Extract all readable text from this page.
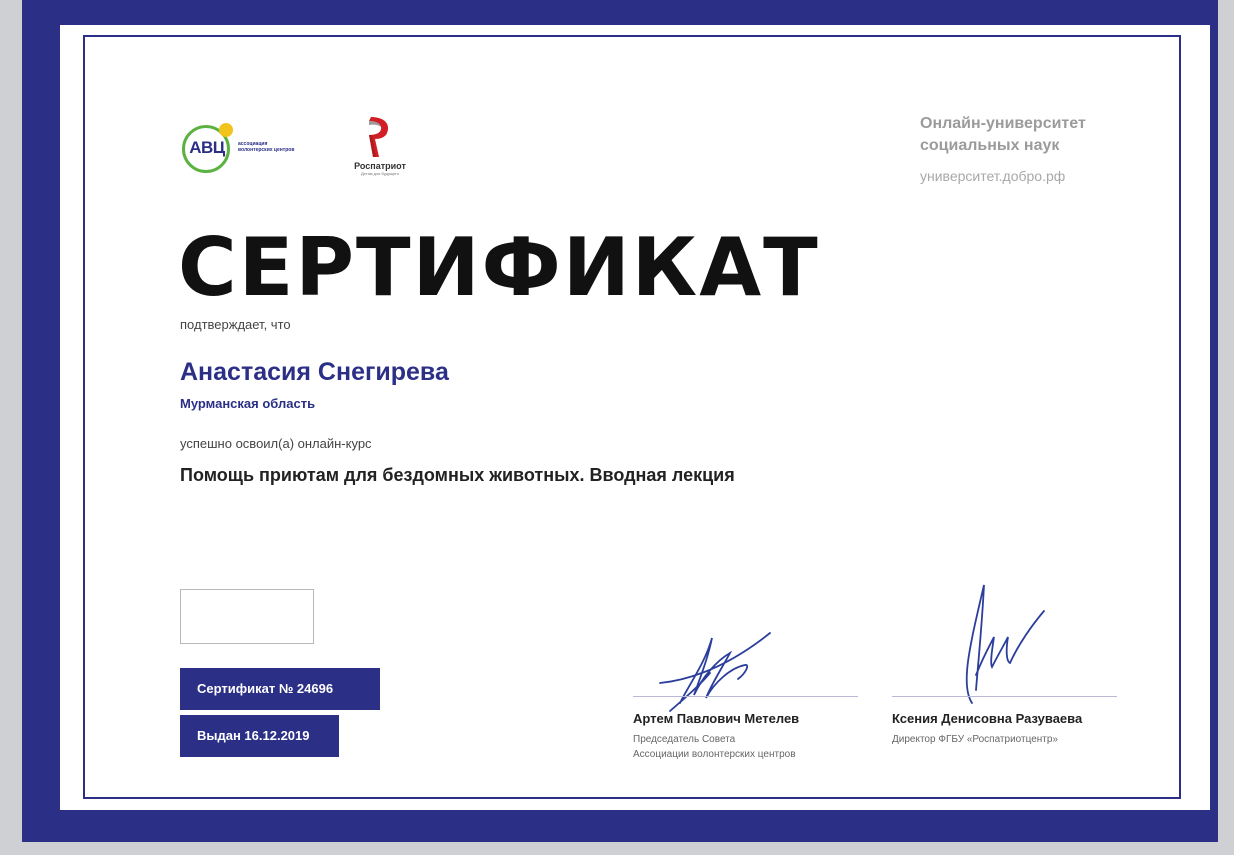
АВЦ	ассоциация волонтерских центров
Роспатриот
Детям для будущего
Онлайн-университет
социальных наук
университет.добро.рф
СЕРТИФИКАТ
подтверждает, что
Анастасия Снегирева
Мурманская область
успешно освоил(а) онлайн-курс
Помощь приютам для бездомных животных. Вводная лекция
Сертификат № 24696
Выдан 16.12.2019
Артем Павлович Метелев
Председатель Совета
Ассоциации волонтерских центров
Ксения Денисовна Разуваева
Директор ФГБУ «Роспатриотцентр»
